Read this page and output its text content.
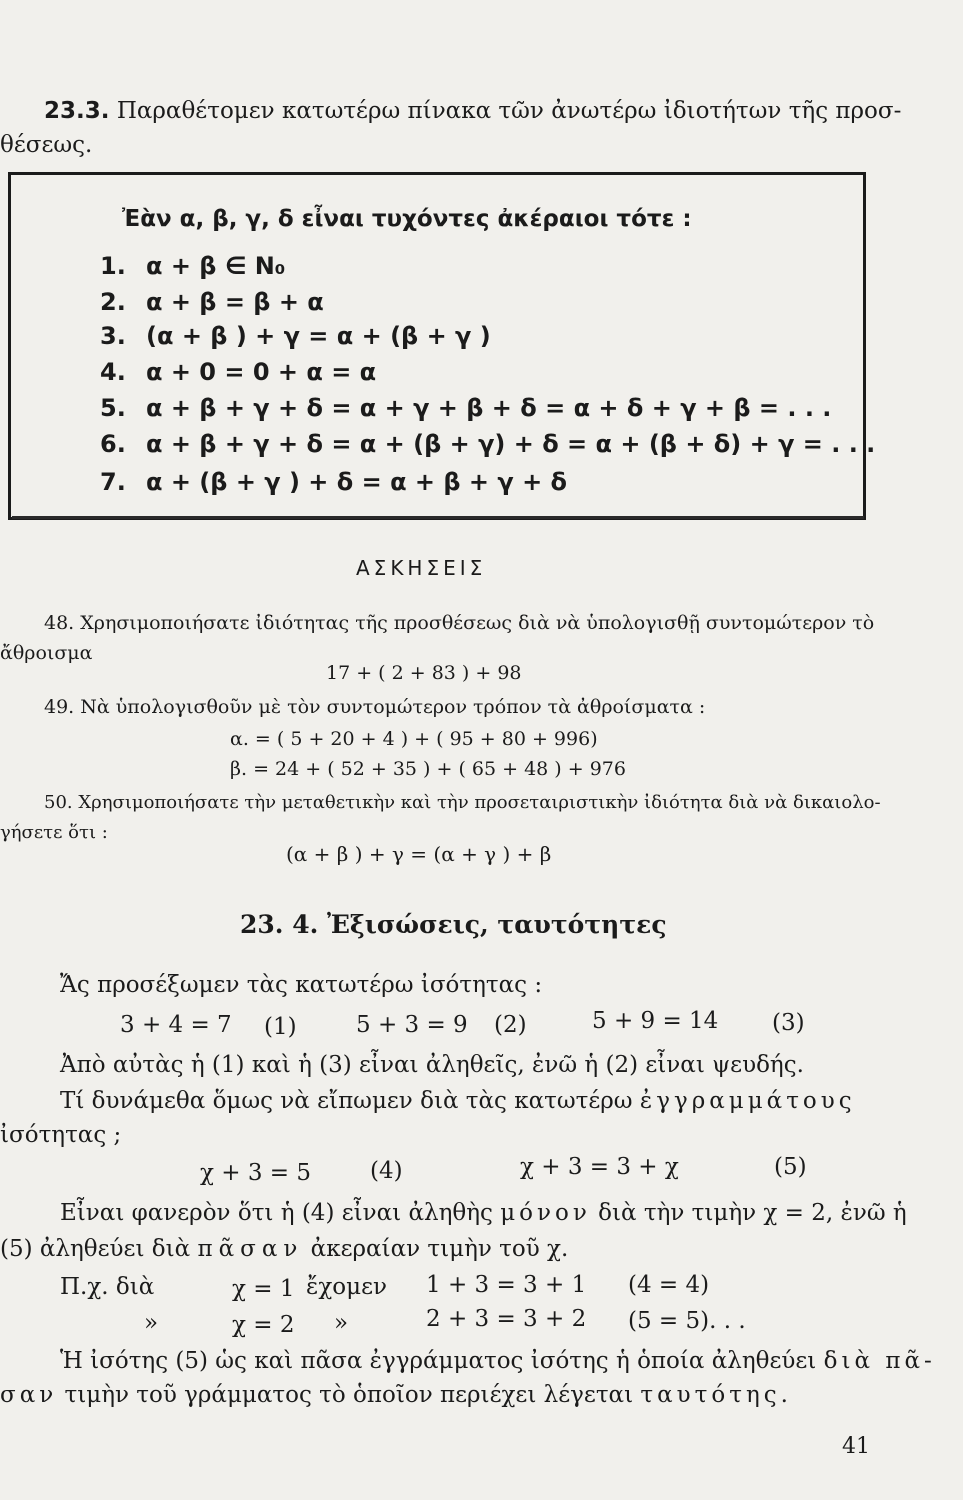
23.3. Παραθέτομεν κατωτέρω πίνακα τῶν ἀνωτέρω ἰδιοτήτων τῆς προσ-
θέσεως.
Ἐὰν α, β, γ, δ εἶναι τυχόντες ἀκέραιοι τότε :
1. α + β ∈ N₀
2. α + β = β + α
3. (α + β ) + γ = α + (β + γ )
4. α + 0 = 0 + α = α
5. α + β + γ + δ = α + γ + β + δ = α + δ + γ + β = . . .
6. α + β + γ + δ = α + (β + γ) + δ = α + (β + δ) + γ = . . .
7. α + (β + γ ) + δ = α + β + γ + δ
ΑΣΚΗΣΕΙΣ
48. Χρησιμοποιήσατε ἰδιότητας τῆς προσθέσεως διὰ νὰ ὑπολογισθῇ συντομώτερον τὸ
ἄθροισμα
17 + ( 2 + 83 ) + 98
49. Νὰ ὑπολογισθοῦν μὲ τὸν συντομώτερον τρόπον τὰ ἀθροίσματα :
α. = ( 5 + 20 + 4 ) + ( 95 + 80 + 996)
β. = 24 + ( 52 + 35 ) + ( 65 + 48 ) + 976
50. Χρησιμοποιήσατε τὴν μεταθετικὴν καὶ τὴν προσεταιριστικὴν ἰδιότητα διὰ νὰ δικαιολο-
γήσετε ὅτι :
(α + β ) + γ = (α + γ ) + β
23. 4. Ἐξισώσεις, ταυτότητες
Ἄς προσέξωμεν τὰς κατωτέρω ἰσότητας :
3 + 4 = 7 (1)	5 + 3 = 9 (2)	5 + 9 = 14 (3)
Ἀπὸ αὐτὰς ἡ (1) καὶ ἡ (3) εἶναι ἀληθεῖς, ἐνῶ ἡ (2) εἶναι ψευδής.
Τί δυνάμεθα ὅμως νὰ εἴπωμεν διὰ τὰς κατωτέρω ἐγγραμμάτους
ἰσότητας ;
χ + 3 = 5	(4)	χ + 3 = 3 + χ	(5)
Εἶναι φανερὸν ὅτι ἡ (4) εἶναι ἀληθὴς μόνον διὰ τὴν τιμὴν χ = 2, ἐνῶ ἡ
(5) ἀληθεύει διὰ πᾶσαν ἀκεραίαν τιμὴν τοῦ χ.
Π.χ. διὰ	χ = 1 ἔχομεν 1 + 3 = 3 + 1 (4 = 4)
»	χ = 2 »	2 + 3 = 3 + 2 (5 = 5). . .
Ἡ ἰσότης (5) ὡς καὶ πᾶσα ἐγγράμματος ἰσότης ἡ ὁποία ἀληθεύει διὰ πᾶ-
σαν τιμὴν τοῦ γράμματος τὸ ὁποῖον περιέχει λέγεται ταυτότης.
41
